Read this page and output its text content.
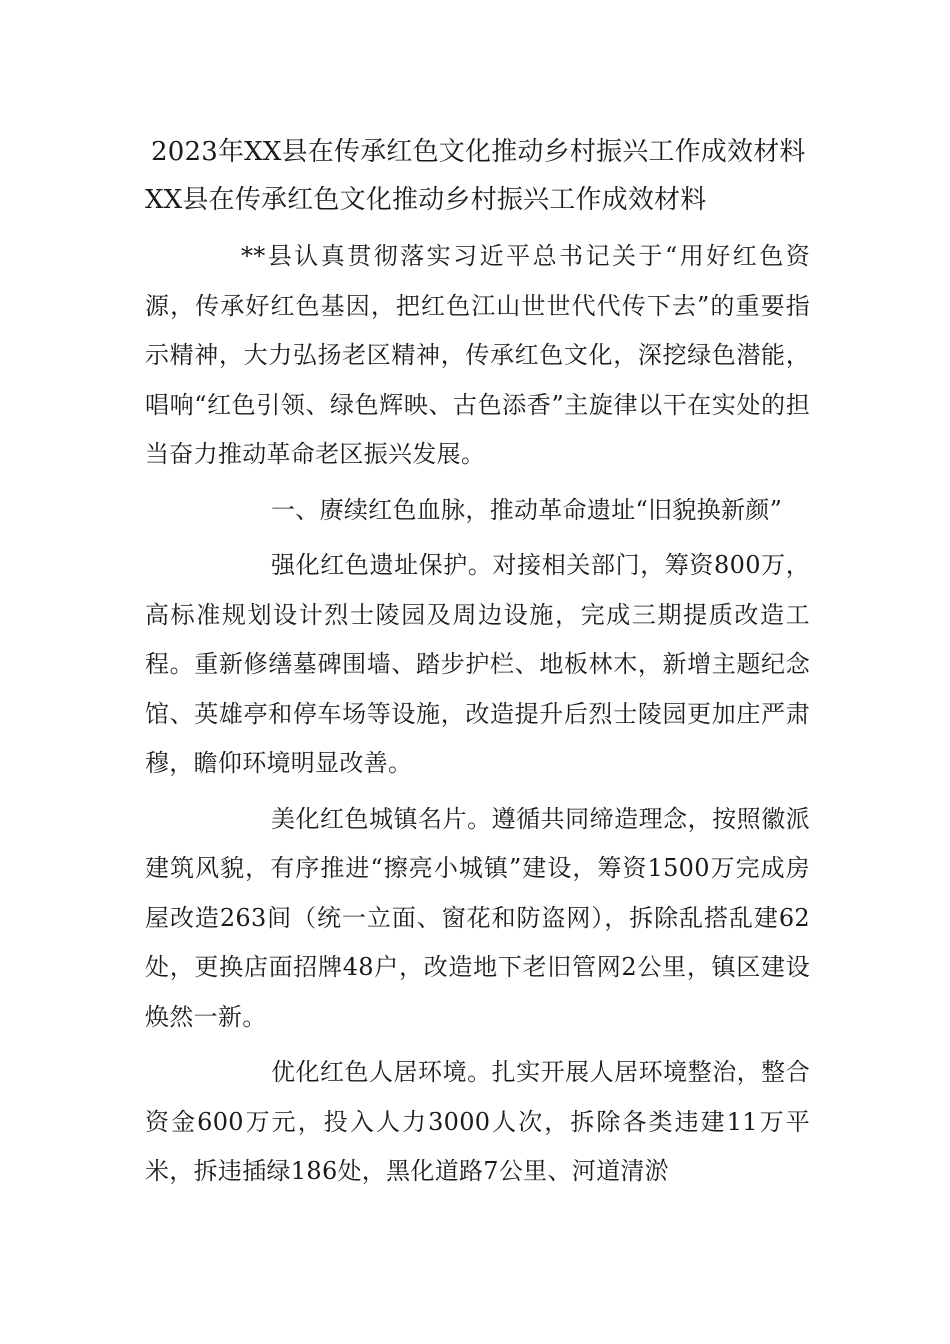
2023年XX县在传承红色文化推动乡村振兴工作成效材料
XX县在传承红色文化推动乡村振兴工作成效材料

**县认真贯彻落实习近平总书记关于“用好红色资源，传承好红色基因，把红色江山世世代代传下去”的重要指示精神，大力弘扬老区精神，传承红色文化，深挖绿色潜能，唱响“红色引领、绿色辉映、古色添香”主旋律以干在实处的担当奋力推动革命老区振兴发展。

一、赓续红色血脉，推动革命遗址“旧貌换新颜”

强化红色遗址保护。对接相关部门，筹资800万，高标准规划设计烈士陵园及周边设施，完成三期提质改造工程。重新修缮墓碑围墙、踏步护栏、地板林木，新增主题纪念馆、英雄亭和停车场等设施，改造提升后烈士陵园更加庄严肃穆，瞻仰环境明显改善。

美化红色城镇名片。遵循共同缔造理念，按照徽派建筑风貌，有序推进“擦亮小城镇”建设，筹资1500万完成房屋改造263间（统一立面、窗花和防盗网），拆除乱搭乱建62处，更换店面招牌48户，改造地下老旧管网2公里，镇区建设焕然一新。

优化红色人居环境。扎实开展人居环境整治，整合资金600万元，投入人力3000人次，拆除各类违建11万平米，拆违插绿186处，黑化道路7公里、河道清淤
